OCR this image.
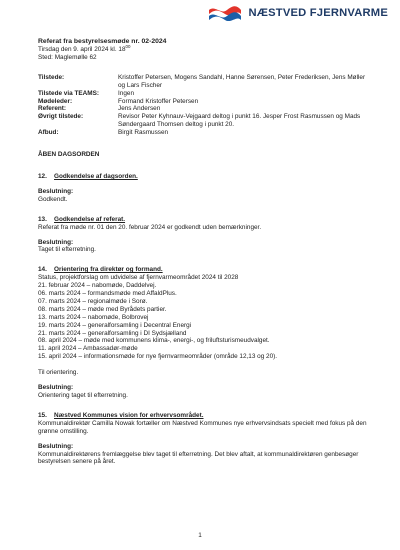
NÆSTVED FJERNVARME
Referat fra bestyrelsesmøde nr. 02-2024
Tirsdag den 9. april 2024 kl. $18^{00}$
Sted: Maglemølle 62
Tilstede:	Kristoffer Petersen, Mogens Sandahl, Hanne Sørensen, Peter Frederiksen, Jens Møller og Lars Fischer
Tilstede via TEAMS:	Ingen
Mødeleder:	Formand Kristoffer Petersen
Referent:	Jens Andersen
Øvrigt tilstede:	Revisor Peter Kyhnauv-Vejgaard deltog i punkt 16. Jesper Frost Rasmussen og Mads Søndergaard Thomsen deltog i punkt 20.
Afbud:	Birgit Rasmussen
ÅBEN DAGSORDEN
12. Godkendelse af dagsorden.
Beslutning:
Godkendt.
13. Godkendelse af referat.
Referat fra møde nr. 01 den 20. februar 2024 er godkendt uden bemærkninger.
Beslutning:
Taget til efterretning.
14. Orientering fra direktør og formand.
Status, projektforslag om udvidelse af fjernvarmeområdet 2024 til 2028
21. februar 2024 – nabomøde, Daddelvej.
06. marts 2024 – formandsmøde med AffaldPlus.
07. marts 2024 – regionalmøde i Sorø.
08. marts 2024 – møde med Byrådets partier.
13. marts 2024 – nabomøde, Bolbrovej
19. marts 2024 – generalforsamling i Decentral Energi
21. marts 2024 – generalforsamling i DI Sydsjælland
08. april 2024 – møde med kommunens klima-, energi-, og friluftsturismeudvalget.
11. april 2024 – Ambassadør-møde
15. april 2024 – informationsmøde for nye fjernvarmeområder (område 12,13 og 20).
Til orientering.
Beslutning:
Orientering taget til efterretning.
15. Næstved Kommunes vision for erhvervsområdet.
Kommunaldirektør Camilla Nowak fortæller om Næstved Kommunes nye erhvervsindsats specielt med fokus på den grønne omstilling.
Beslutning:
Kommunaldirektørens fremlæggelse blev taget til efterretning. Det blev aftalt, at kommunaldirektøren genbesøger bestyrelsen senere på året.
1
